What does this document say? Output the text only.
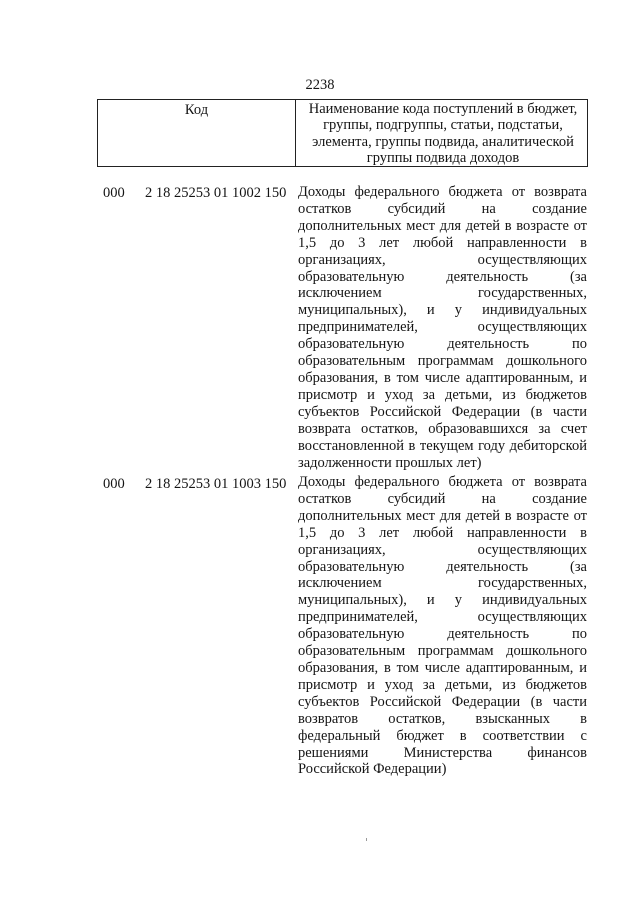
2238
Код	Наименование кода поступлений в бюджет,
группы, подгруппы, статьи, подстатьи,
элемента, группы подвида, аналитической
группы подвида доходов
000 2 18 25253 01 1002 150 Доходы федерального бюджета от возврата
остатков субсидий на создание
дополнительных мест для детей в возрасте от
1,5 до 3 лет любой направленности в
организациях, осуществляющих
образовательную деятельность (за
исключением государственных,
муниципальных), и у индивидуальных
предпринимателей, осуществляющих
образовательную деятельность по
образовательным программам дошкольного
образования, в том числе адаптированным, и
присмотр и уход за детьми, из бюджетов
субъектов Российской Федерации (в части
возврата остатков, образовавшихся за счет
восстановленной в текущем году дебиторской
задолженности прошлых лет)
000 2 18 25253 01 1003 150 Доходы федерального бюджета от возврата
остатков субсидий на создание
дополнительных мест для детей в возрасте от
1,5 до 3 лет любой направленности в
организациях, осуществляющих
образовательную деятельность (за
исключением государственных,
муниципальных), и у индивидуальных
предпринимателей, осуществляющих
образовательную деятельность по
образовательным программам дошкольного
образования, в том числе адаптированным, и
присмотр и уход за детьми, из бюджетов
субъектов Российской Федерации (в части
возвратов остатков, взысканных в
федеральный бюджет в соответствии с
решениями Министерства финансов
Российской Федерации)
